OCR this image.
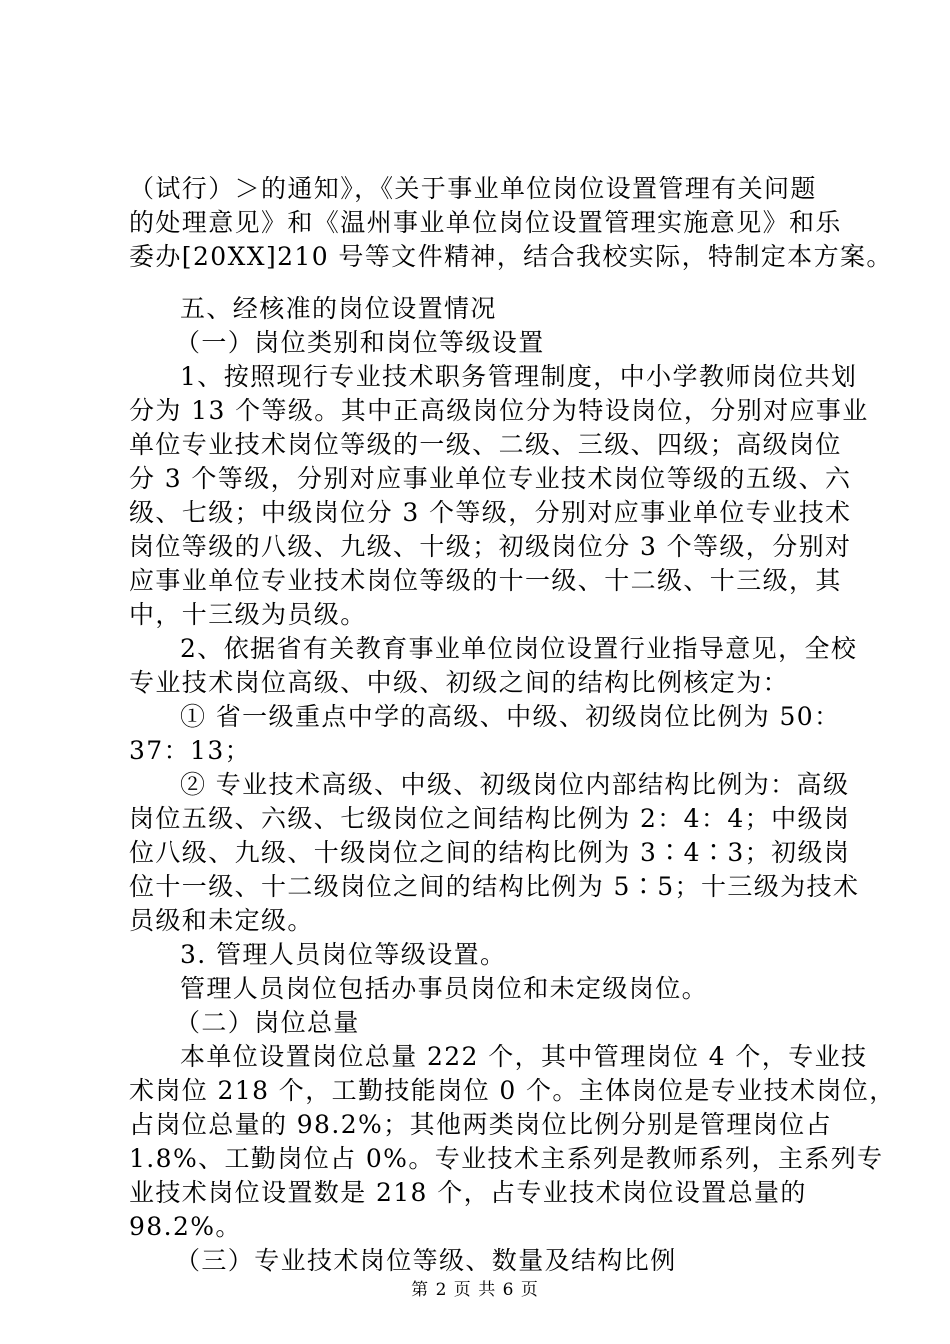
（试行）＞的通知》，《关于事业单位岗位设置管理有关问题
的处理意见》和《温州事业单位岗位设置管理实施意见》和乐
委办[20XX]210 号等文件精神，结合我校实际，特制定本方案。
五、经核准的岗位设置情况
（一）岗位类别和岗位等级设置
1、按照现行专业技术职务管理制度，中小学教师岗位共划
分为 13 个等级。其中正高级岗位分为特设岗位，分别对应事业
单位专业技术岗位等级的一级、二级、三级、四级；高级岗位
分 3 个等级，分别对应事业单位专业技术岗位等级的五级、六
级、七级；中级岗位分 3 个等级，分别对应事业单位专业技术
岗位等级的八级、九级、十级；初级岗位分 3 个等级，分别对
应事业单位专业技术岗位等级的十一级、十二级、十三级，其
中，十三级为员级。
2、依据省有关教育事业单位岗位设置行业指导意见，全校
专业技术岗位高级、中级、初级之间的结构比例核定为：
① 省一级重点中学的高级、中级、初级岗位比例为 50：
37：13；
② 专业技术高级、中级、初级岗位内部结构比例为：高级
岗位五级、六级、七级岗位之间结构比例为 2：4：4；中级岗
位八级、九级、十级岗位之间的结构比例为 3∶4∶3；初级岗
位十一级、十二级岗位之间的结构比例为 5∶5；十三级为技术
员级和未定级。
3. 管理人员岗位等级设置。
管理人员岗位包括办事员岗位和未定级岗位。
（二）岗位总量
本单位设置岗位总量 222 个，其中管理岗位 4 个，专业技
术岗位 218 个，工勤技能岗位 0 个。主体岗位是专业技术岗位，
占岗位总量的 98.2%；其他两类岗位比例分别是管理岗位占
1.8%、工勤岗位占 0%。专业技术主系列是教师系列，主系列专
业技术岗位设置数是 218 个，占专业技术岗位设置总量的
98.2%。
（三）专业技术岗位等级、数量及结构比例
第 2 页 共 6 页
